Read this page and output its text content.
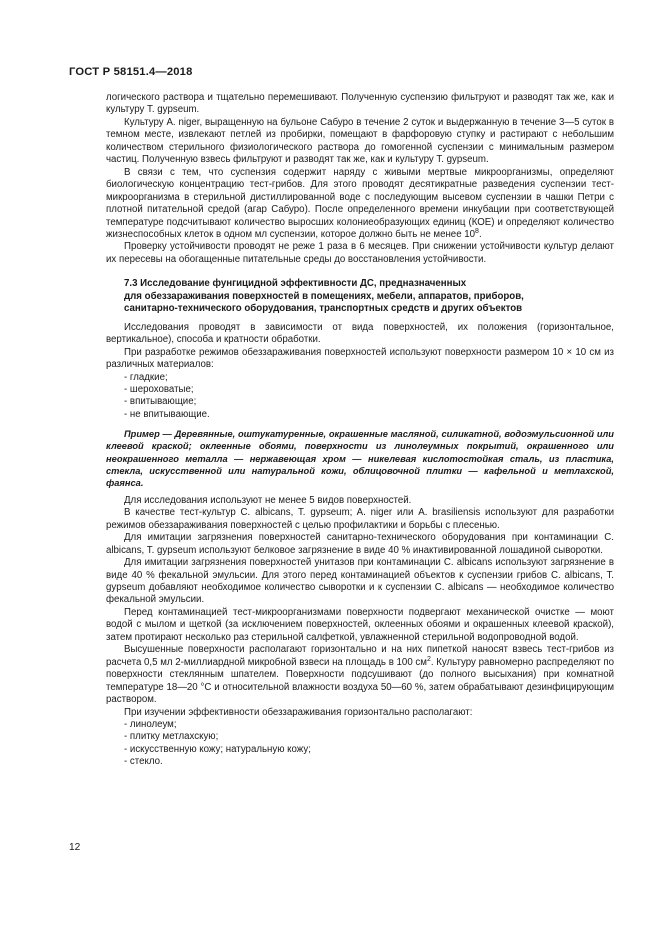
ГОСТ Р 58151.4—2018

логического раствора и тщательно перемешивают. Полученную суспензию фильтруют и разводят так же, как и культуру T. gypseum.

Культуру A. niger, выращенную на бульоне Сабуро в течение 2 суток и выдержанную в течение 3—5 суток в темном месте, извлекают петлей из пробирки, помещают в фарфоровую ступку и растирают с небольшим количеством стерильного физиологического раствора до гомогенной суспензии с минимальным размером частиц. Полученную взвесь фильтруют и разводят так же, как и культуру T. gypseum.

В связи с тем, что суспензия содержит наряду с живыми мертвые микроорганизмы, определяют биологическую концентрацию тест-грибов. Для этого проводят десятикратные разведения суспензии тест-микроорганизма в стерильной дистиллированной воде с последующим высевом суспензии в чашки Петри с плотной питательной средой (агар Сабуро). После определенного времени инкубации при соответствующей температуре подсчитывают количество выросших колониеобразующих единиц (КОЕ) и определяют количество жизнеспособных клеток в одном мл суспензии, которое должно быть не менее $10^8$.

Проверку устойчивости проводят не реже 1 раза в 6 месяцев. При снижении устойчивости культур делают их пересевы на обогащенные питательные среды до восстановления устойчивости.

7.3 Исследование фунгицидной эффективности ДС, предназначенных
для обеззараживания поверхностей в помещениях, мебели, аппаратов, приборов,
санитарно-технического оборудования, транспортных средств и других объектов

Исследования проводят в зависимости от вида поверхностей, их положения (горизонтальное, вертикальное), способа и кратности обработки.

При разработке режимов обеззараживания поверхностей используют поверхности размером 10 × 10 см из различных материалов:

- гладкие;
- шероховатые;
- впитывающие;
- не впитывающие.

Пример — Деревянные, оштукатуренные, окрашенные масляной, силикатной, водоэмульсионной или клеевой краской; оклеенные обоями, поверхности из линолеумных покрытий, окрашенного или неокрашенного металла — нержавеющая хром — никелевая кислотостойкая сталь, из пластика, стекла, искусственной или натуральной кожи, облицовочной плитки — кафельной и метлахской, фаянса.

Для исследования используют не менее 5 видов поверхностей.

В качестве тест-культур C. albicans, T. gypseum; A. niger или A. brasiliensis используют для разработки режимов обеззараживания поверхностей с целью профилактики и борьбы с плесенью.

Для имитации загрязнения поверхностей санитарно-технического оборудования при контаминации C. albicans, T. gypseum используют белковое загрязнение в виде 40 % инактивированной лошадиной сыворотки.

Для имитации загрязнения поверхностей унитазов при контаминации C. albicans используют загрязнение в виде 40 % фекальной эмульсии. Для этого перед контаминацией объектов к суспензии грибов C. albicans, T. gypseum добавляют необходимое количество сыворотки и к суспензии C. albicans — необходимое количество фекальной эмульсии.

Перед контаминацией тест-микроорганизмами поверхности подвергают механической очистке — моют водой с мылом и щеткой (за исключением поверхностей, оклеенных обоями и окрашенных клеевой краской), затем протирают несколько раз стерильной салфеткой, увлажненной стерильной водопроводной водой.

Высушенные поверхности располагают горизонтально и на них пипеткой наносят взвесь тест-грибов из расчета 0,5 мл 2-миллиардной микробной взвеси на площадь в 100 $см^2$. Культуру равномерно распределяют по поверхности стеклянным шпателем. Поверхности подсушивают (до полного высыхания) при комнатной температуре 18—20 °С и относительной влажности воздуха 50—60 %, затем обрабатывают дезинфицирующим раствором.

При изучении эффективности обеззараживания горизонтально располагают:

- линолеум;
- плитку метлахскую;
- искусственную кожу; натуральную кожу;
- стекло.
12
